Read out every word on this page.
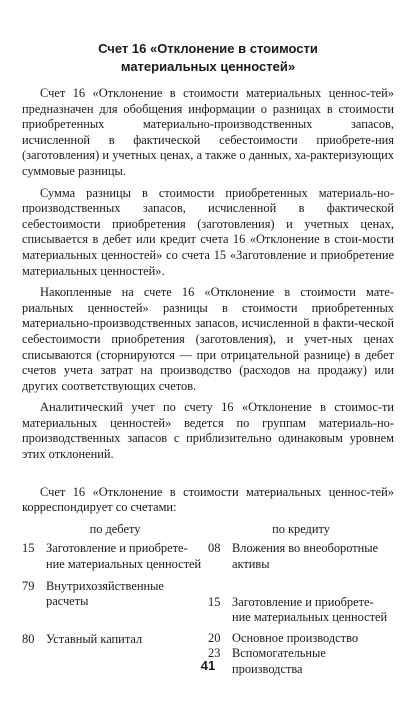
Счет 16 «Отклонение в стоимости
материальных ценностей»

Счет 16 «Отклонение в стоимости материальных ценнос-тей» предназначен для обобщения информации о разницах в стоимости приобретенных материально-производственных запасов, исчисленной в фактической себестоимости приобрете-ния (заготовления) и учетных ценах, а также о данных, ха-рактеризующих суммовые разницы.

Сумма разницы в стоимости приобретенных материаль-но-производственных запасов, исчисленной в фактической себестоимости приобретения (заготовления) и учетных ценах, списывается в дебет или кредит счета 16 «Отклонение в стои-мости материальных ценностей» со счета 15 «Заготовление и приобретение материальных ценностей».

Накопленные на счете 16 «Отклонение в стоимости мате-риальных ценностей» разницы в стоимости приобретенных материально-производственных запасов, исчисленной в факти-ческой себестоимости приобретения (заготовления), и учет-ных ценах списываются (сторнируются — при отрицательной разнице) в дебет счетов учета затрат на производство (расходов на продажу) или других соответствующих счетов.

Аналитический учет по счету 16 «Отклонение в стоимос-ти материальных ценностей» ведется по группам материаль-но-производственных запасов с приблизительно одинаковым уровнем этих отклонений.

Счет 16 «Отклонение в стоимости материальных ценнос-тей» корреспондирует со счетами:

по дебету	по кредиту
15 Заготовление и приобрете-ние материальных ценностей
79 Внутрихозяйственные расчеты
80 Уставный капитал
08 Вложения во внеоборотные активы
15 Заготовление и приобрете-ние материальных ценностей
20 Основное производство
23 Вспомогательные производства
41
